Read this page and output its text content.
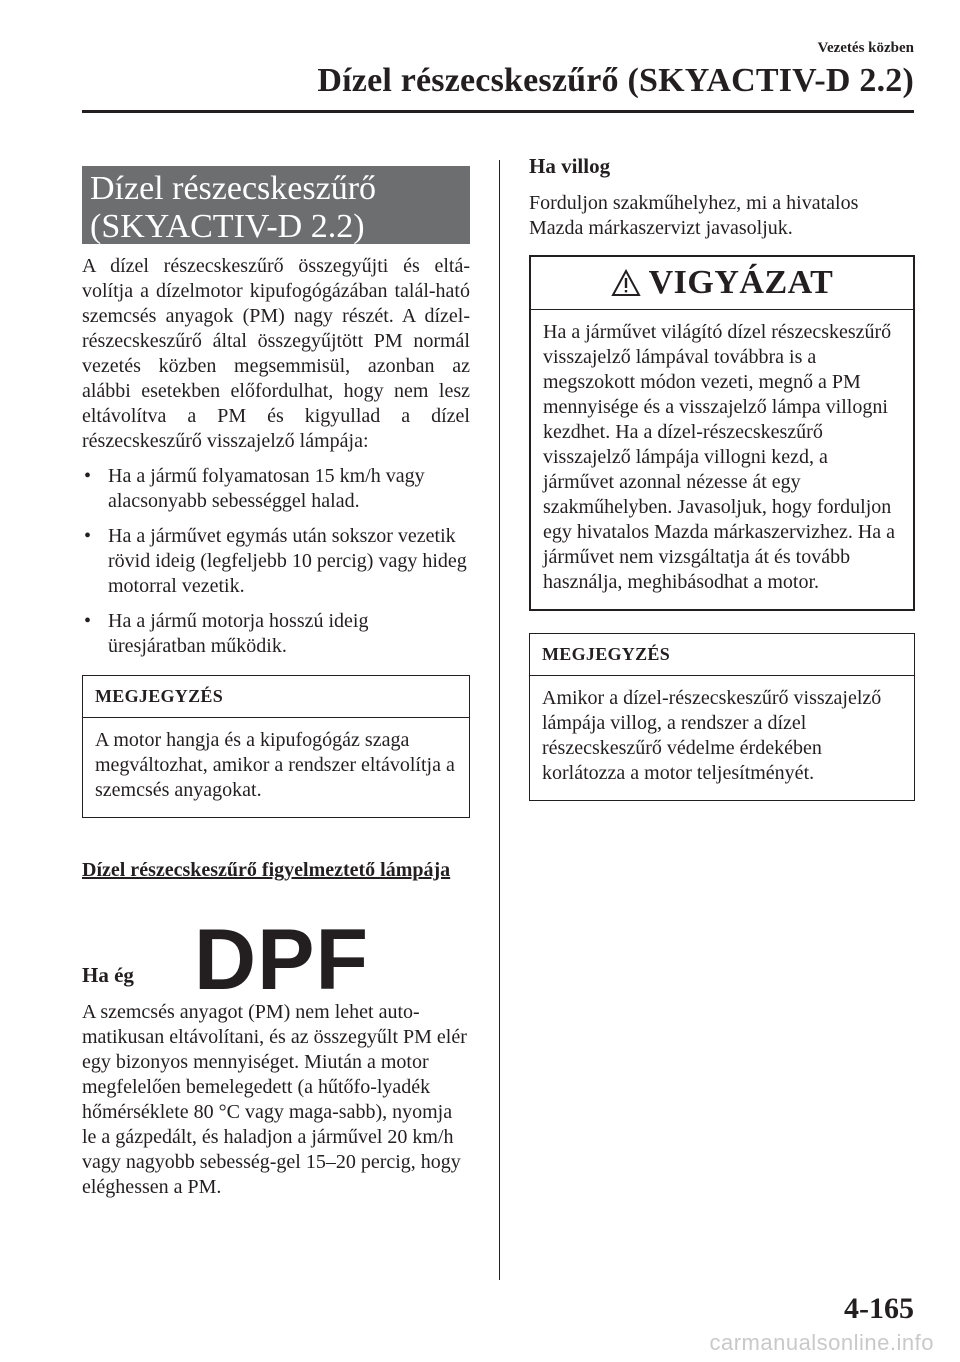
Vezetés közben
Dízel részecskeszűrő (SKYACTIV-D 2.2)
Dízel részecskeszűrő
(SKYACTIV-D 2.2)

A dízel részecskeszűrő összegyűjti és eltá-volítja a dízelmotor kipufogógázában talál-ható szemcsés anyagok (PM) nagy részét. A dízel-részecskeszűrő által összegyűjtött PM normál vezetés közben megsemmisül, azonban az alábbi esetekben előfordulhat, hogy nem lesz eltávolítva a PM és kigyullad a dízel részecskeszűrő visszajelző lámpája:

• Ha a jármű folyamatosan 15 km/h vagy alacsonyabb sebességgel halad.
• Ha a járművet egymás után sokszor vezetik rövid ideig (legfeljebb 10 percig) vagy hideg motorral vezetik.
• Ha a jármű motorja hosszú ideig üresjáratban működik.
MEGJEGYZÉS
A motor hangja és a kipufogógáz szaga megváltozhat, amikor a rendszer eltávolítja a szemcsés anyagokat.
Dízel részecskeszűrő figyelmeztető lámpája
DPF
Ha ég

A szemcsés anyagot (PM) nem lehet auto-matikusan eltávolítani, és az összegyűlt PM elér egy bizonyos mennyiséget. Miután a motor megfelelően bemelegedett (a hűtőfo-lyadék hőmérséklete 80 °C vagy maga-sabb), nyomja le a gázpedált, és haladjon a járművel 20 km/h vagy nagyobb sebesség-gel 15–20 percig, hogy eléghessen a PM.

Ha villog

Forduljon szakműhelyhez, mi a hivatalos Mazda márkaszervizt javasoljuk.

VIGYÁZAT
Ha a járművet világító dízel részecskeszűrő visszajelző lámpával továbbra is a megszokott módon vezeti, megnő a PM mennyisége és a visszajelző lámpa villogni kezdhet. Ha a dízel-részecskeszűrő visszajelző lámpája villogni kezd, a járművet azonnal nézesse át egy szakműhelyben. Javasoljuk, hogy forduljon egy hivatalos Mazda márkaszervizhez. Ha a járművet nem vizsgáltatja át és tovább használja, meghibásodhat a motor.
MEGJEGYZÉS
Amikor a dízel-részecskeszűrő visszajelző lámpája villog, a rendszer a dízel részecskeszűrő védelme érdekében korlátozza a motor teljesítményét.
4-165
carmanualsonline.info
